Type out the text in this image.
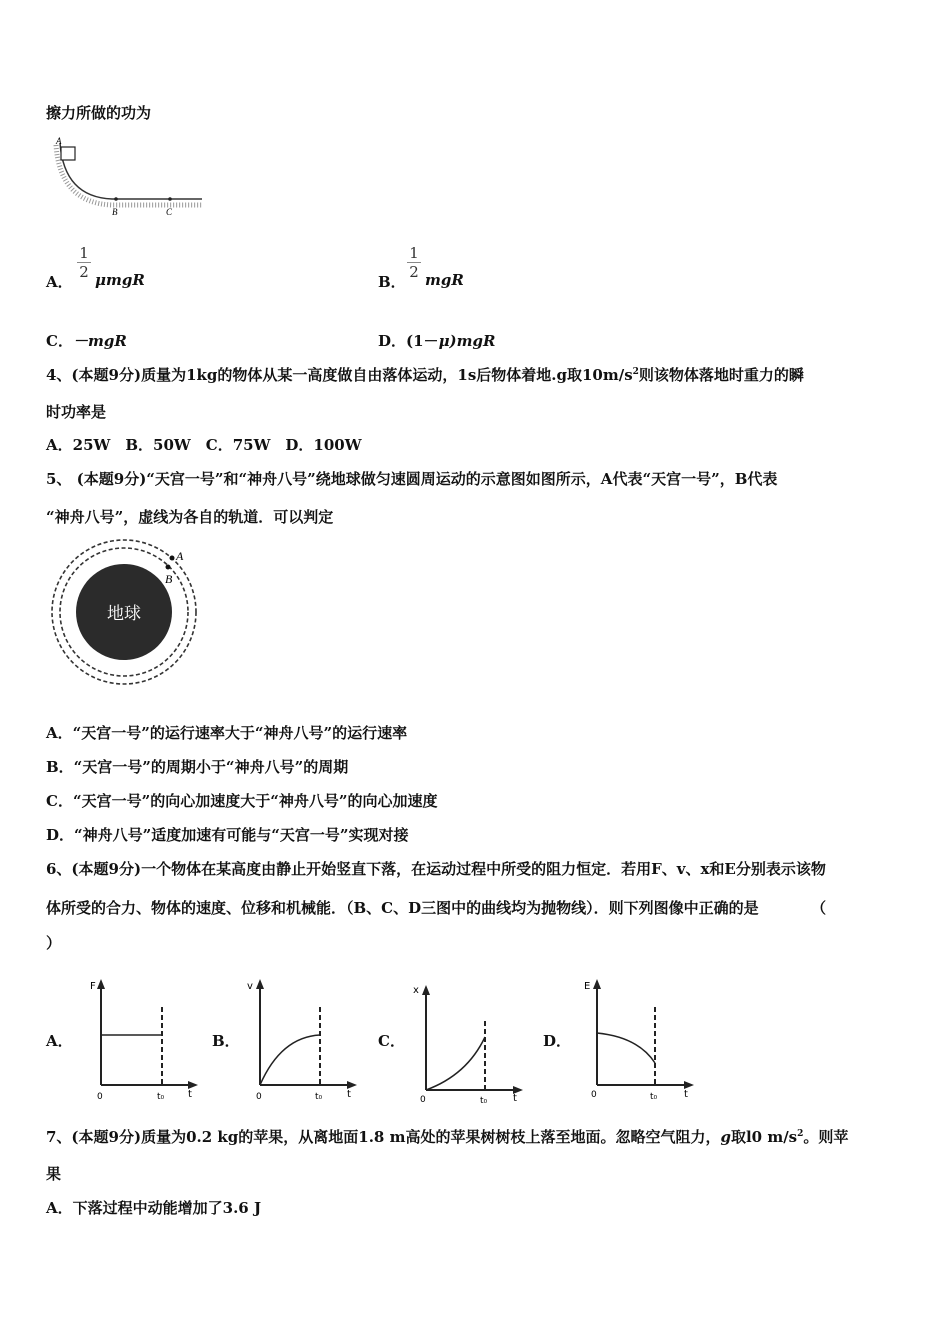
擦力所做的功为
A
B	C
A．
$\frac{1}{2}$ μmgR	B．
$\frac{1}{2}$ mgR
C．－mgR	D．(1－μ)mgR
4、(本题9分)质量为1kg的物体从某一高度做自由落体运动，1s后物体着地.g取$10m/s^2$则该物体落地时重力的瞬
时功率是
A．25W　B．50W　C．75W　D．100W
5、 (本题9分)“天宫一号”和“神舟八号”绕地球做匀速圆周运动的示意图如图所示，A代表“天宫一号”，B代表
“神舟八号”，虚线为各自的轨道．可以判定
地球
A
B
A．“天宫一号”的运行速率大于“神舟八号”的运行速率
B．“天宫一号”的周期小于“神舟八号”的周期
C．“天宫一号”的向心加速度大于“神舟八号”的向心加速度
D．“神舟八号”适度加速有可能与“天宫一号”实现对接
6、(本题9分)一个物体在某高度由静止开始竖直下落，在运动过程中所受的阻力恒定．若用F、v、x和E分别表示该物
体所受的合力、物体的速度、位移和机械能．（B、C、D三图中的曲线均为抛物线）．则下列图像中正确的是　　　　（
）
A．
F
0	t₀ t
B．
v
0	t₀ t
C．
x
0	t₀	t
D．
E
0	t₀	t
7、(本题9分)质量为0.2 kg的苹果，从离地面1.8 m高处的苹果树树枝上落至地面。忽略空气阻力，g取l0 $m/s^2$。则苹
果
A．下落过程中动能增加了3.6 J
